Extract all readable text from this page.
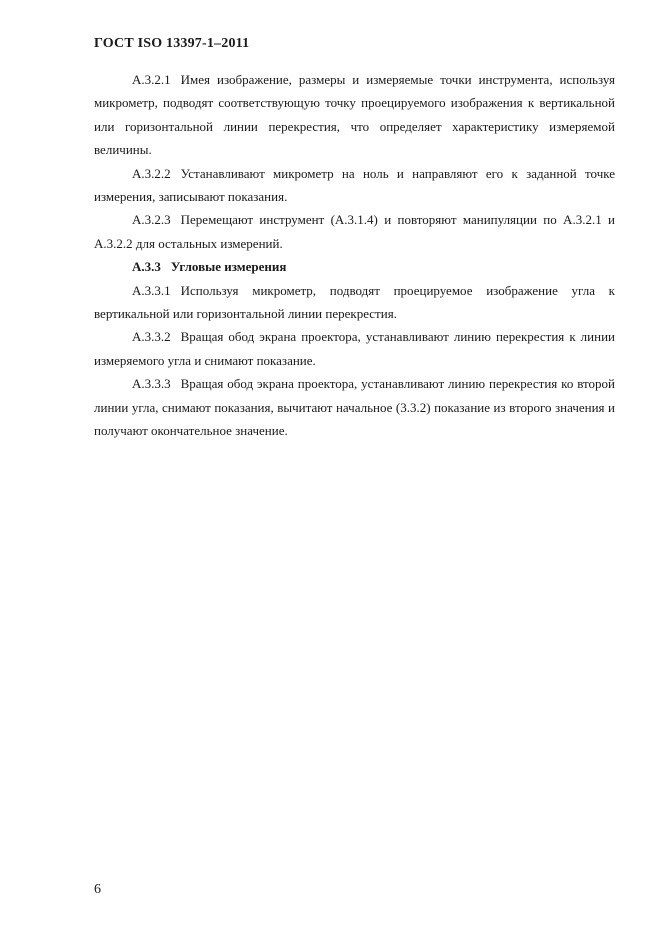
ГОСТ ISO 13397-1–2011

А.3.2.1 Имея изображение, размеры и измеряемые точки инструмента, используя микрометр, подводят соответствующую точку проецируемого изображения к вертикальной или горизонтальной линии перекрестия, что определяет характеристику измеряемой величины.

А.3.2.2 Устанавливают микрометр на ноль и направляют его к заданной точке измерения, записывают показания.

А.3.2.3 Перемещают инструмент (А.3.1.4) и повторяют манипуляции по А.3.2.1 и А.3.2.2 для остальных измерений.

А.3.3 Угловые измерения

А.3.3.1 Используя микрометр, подводят проецируемое изображение угла к вертикальной или горизонтальной линии перекрестия.

А.3.3.2 Вращая обод экрана проектора, устанавливают линию перекрестия к линии измеряемого угла и снимают показание.

А.3.3.3 Вращая обод экрана проектора, устанавливают линию перекрестия ко второй линии угла, снимают показания, вычитают начальное (3.3.2) показание из второго значения и получают окончательное значение.

6
